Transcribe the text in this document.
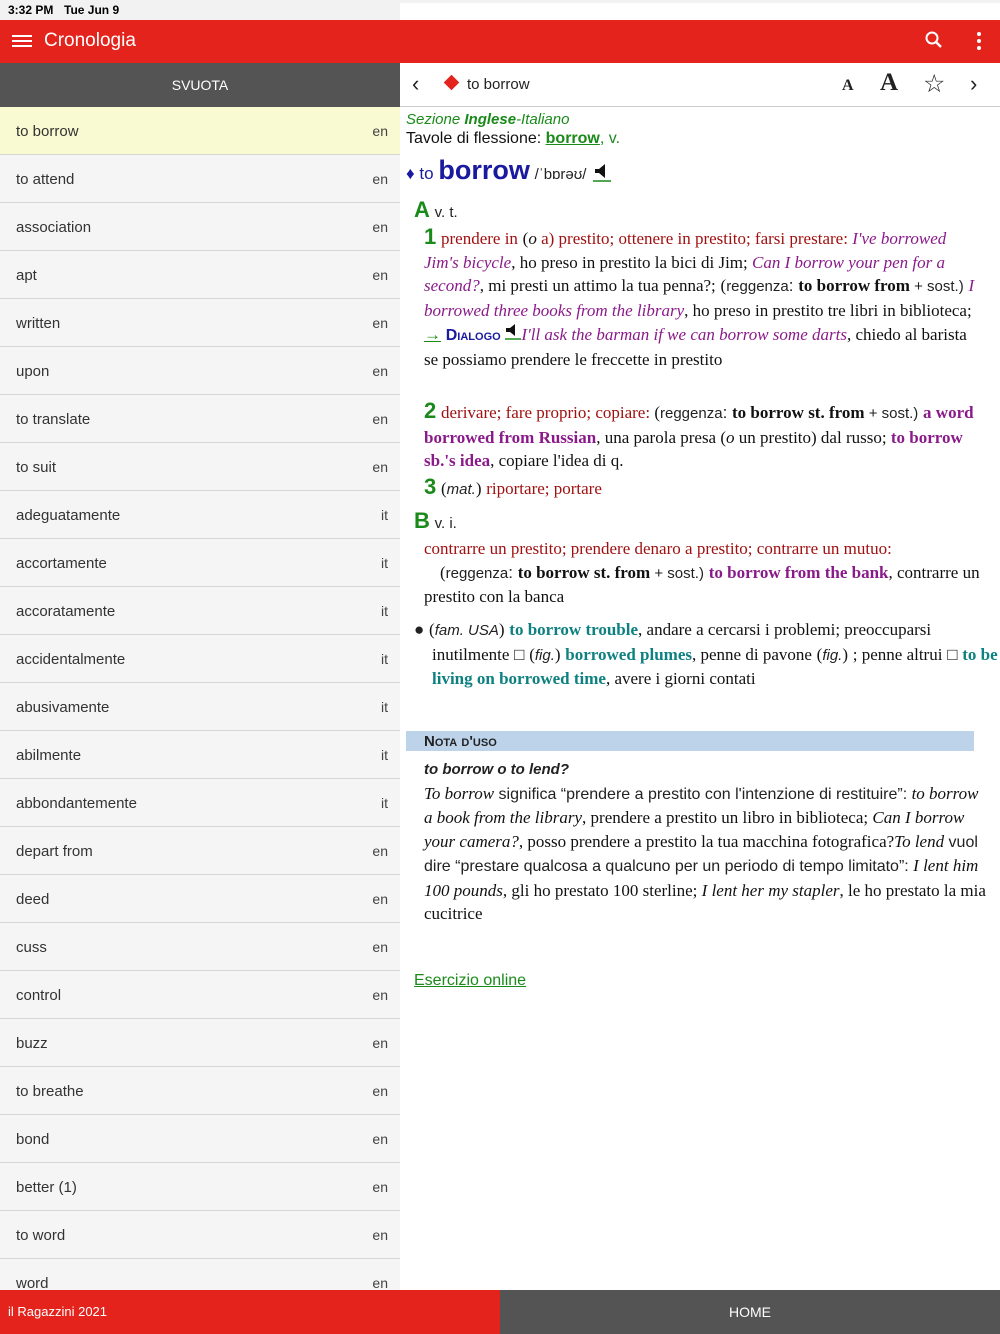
3:32 PM Tue Jun 9
Cronologia
SVUOTA
to borrow	en
to attend	en
association	en
apt	en
written	en
upon	en
to translate	en
to suit	en
adeguatamente	it
accortamente	it
accoratamente	it
accidentalmente	it
abusivamente	it
abilmente	it
abbondantemente	it
depart from	en
deed	en
cuss	en
control	en
buzz	en
to breathe	en
bond	en
better (1)	en
to word	en
word	en
‹	to borrow	A A ☆ ›
Sezione Inglese-Italiano
Tavole di flessione: borrow, v.
♦ to borrow /ˈbɒrəʊ/
A v. t.
1 prendere in (o a) prestito; ottenere in prestito; farsi prestare: I've borrowed Jim's bicycle, ho preso in prestito la bici di Jim; Can I borrow your pen for a second?, mi presti un attimo la tua penna?; (reggenza: to borrow from + sost.) I borrowed three books from the library, ho preso in prestito tre libri in biblioteca; → Dialogo I'll ask the barman if we can borrow some darts, chiedo al barista se possiamo prendere le freccette in prestito
2 derivare; fare proprio; copiare: (reggenza: to borrow st. from + sost.) a word borrowed from Russian, una parola presa (o un prestito) dal russo; to borrow sb.'s idea, copiare l'idea di q.
3 (mat.) riportare; portare
B v. i.
contrarre un prestito; prendere denaro a prestito; contrarre un mutuo:
(reggenza: to borrow st. from + sost.) to borrow from the bank, contrarre un prestito con la banca
● (fam. USA) to borrow trouble, andare a cercarsi i problemi; preoccuparsi inutilmente □ (fig.) borrowed plumes, penne di pavone (fig.) ; penne altrui □ to be living on borrowed time, avere i giorni contati
Nota d'uso
to borrow o to lend?
To borrow significa “prendere a prestito con l'intenzione di restituire”: to borrow a book from the library, prendere a prestito un libro in biblioteca; Can I borrow your camera?, posso prendere a prestito la tua macchina fotografica?To lend vuol dire “prestare qualcosa a qualcuno per un periodo di tempo limitato”: I lent him 100 pounds, gli ho prestato 100 sterline; I lent her my stapler, le ho prestato la mia cucitrice
Esercizio online
il Ragazzini 2021	HOME
